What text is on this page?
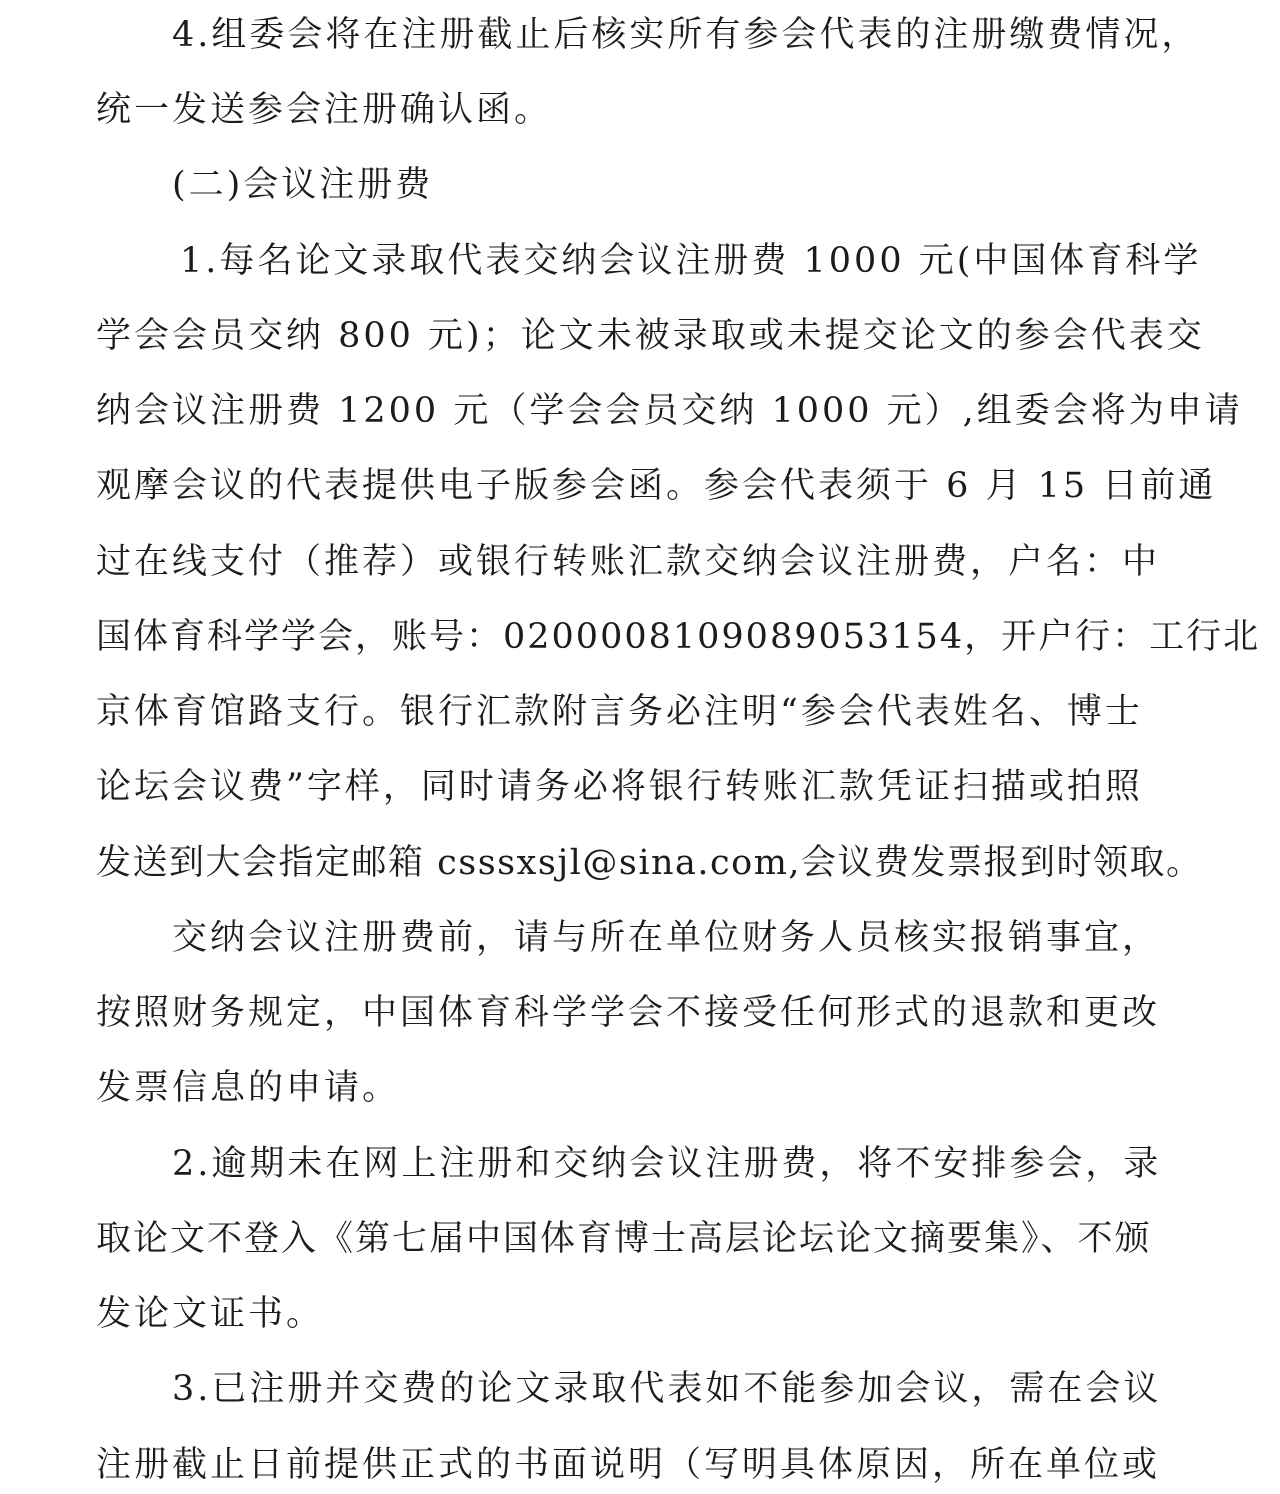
4.组委会将在注册截止后核实所有参会代表的注册缴费情况，
统一发送参会注册确认函。
(二)会议注册费
1.每名论文录取代表交纳会议注册费 1000 元(中国体育科学
学会会员交纳 800 元)；论文未被录取或未提交论文的参会代表交
纳会议注册费 1200 元（学会会员交纳 1000 元）,组委会将为申请
观摩会议的代表提供电子版参会函。参会代表须于 6 月 15 日前通
过在线支付（推荐）或银行转账汇款交纳会议注册费，户名：中
国体育科学学会，账号：0200008109089053154，开户行：工行北
京体育馆路支行。银行汇款附言务必注明“参会代表姓名、博士
论坛会议费”字样，同时请务必将银行转账汇款凭证扫描或拍照
发送到大会指定邮箱 csssxsjl@sina.com,会议费发票报到时领取。
交纳会议注册费前，请与所在单位财务人员核实报销事宜，
按照财务规定，中国体育科学学会不接受任何形式的退款和更改
发票信息的申请。
2.逾期未在网上注册和交纳会议注册费，将不安排参会，录
取论文不登入《第七届中国体育博士高层论坛论文摘要集》、不颁
发论文证书。
3.已注册并交费的论文录取代表如不能参加会议，需在会议
注册截止日前提供正式的书面说明（写明具体原因，所在单位或
